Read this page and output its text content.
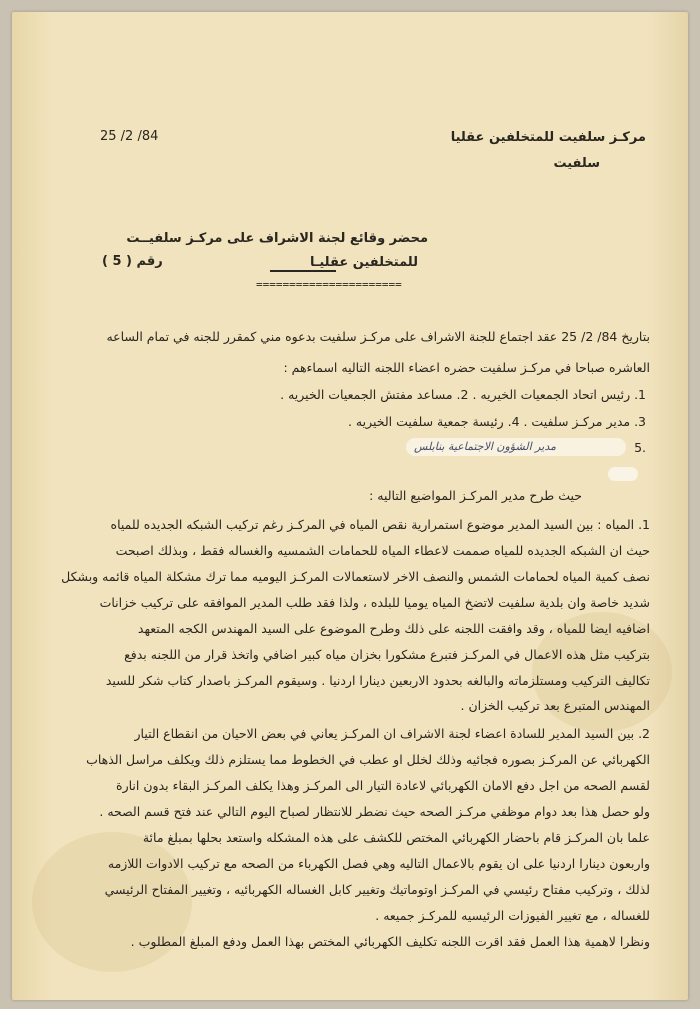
25 /2 /84	مركـز سلفيت للمتخلفين عقليا
سلفيت
محضر وقائع لجنة الاشراف على مركـز سلفيــت
للمتخلفين عقليـا
رقم ( 5 )
======================
بتاريخ 84/ 2/ 25 عقد اجتماع للجنة الاشراف على مركـز سلفيت بدعوه مني كمقرر للجنه في تمام الساعه
العاشره صباحا في مركـز سلفيت حضره اعضاء اللجنه التاليه اسماءهم :
1. رئيس اتحاد الجمعيات الخيريه . 2. مساعد مفتش الجمعيات الخيريه .
3. مدير مركـز سلفيت . 4. رئيسة جمعية سلفيت الخيريه .
5.
مدير الشؤون الاجتماعية بنابلس
حيث طرح مدير المركـز المواضيع التاليه :
1. المياه : بين السيد المدير موضوع استمرارية نقص المياه في المركـز رغم تركيب الشبكه الجديده للمياه
حيث ان الشبكه الجديده للمياه صممت لاعطاء المياه للحمامات الشمسيه والغساله فقط ، وبذلك اصبحت
نصف كمية المياه لحمامات الشمس والنصف الاخر لاستعمالات المركـز اليوميه مما ترك مشكلة المياه قائمه وبشكل
شديد خاصة وان بلدية سلفيت لاتضخ المياه يوميا للبلده ، ولذا فقد طلب المدير الموافقه على تركيب خزانات
اضافيه ايضا للمياه ، وقد وافقت اللجنه على ذلك وطرح الموضوع على السيد المهندس الكجه المتعهد
بتركيب مثل هذه الاعمال في المركـز فتبرع مشكورا بخزان مياه كبير اضافي واتخذ قرار من اللجنه بدفع
تكاليف التركيب ومستلزماته والبالغه بحدود الاربعين دينارا اردنيا . وسيقوم المركـز باصدار كتاب شكر للسيد
المهندس المتبرع بعد تركيب الخزان .
2. بين السيد المدير للسادة اعضاء لجنة الاشراف ان المركـز يعاني في بعض الاحيان من انقطاع التيار
الكهربائي عن المركـز بصوره فجائيه وذلك لخلل او عطب في الخطوط مما يستلزم ذلك ويكلف مراسل الذهاب
لقسم الصحه من اجل دفع الامان الكهربائي لاعادة التيار الى المركـز وهذا يكلف المركـز البقاء بدون انارة
ولو حصل هذا بعد دوام موظفي مركـز الصحه حيث نضطر للانتظار لصباح اليوم التالي عند فتح قسم الصحه .
علما بان المركـز قام باحضار الكهربائي المختص للكشف على هذه المشكله واستعد بحلها بمبلغ مائة
واربعون دينارا اردنيا على ان يقوم بالاعمال التاليه وهي فصل الكهرباء من الصحه مع تركيب الادوات اللازمه
لذلك ، وتركيب مفتاح رئيسي في المركـز اوتوماتيك وتغيير كابل الغساله الكهربائيه ، وتغيير المفتاح الرئيسي
للغساله ، مع تغيير الفيوزات الرئيسيه للمركـز جميعه .
ونظرا لاهمية هذا العمل فقد اقرت اللجنه تكليف الكهربائي المختص بهذا العمل ودفع المبلغ المطلوب .
